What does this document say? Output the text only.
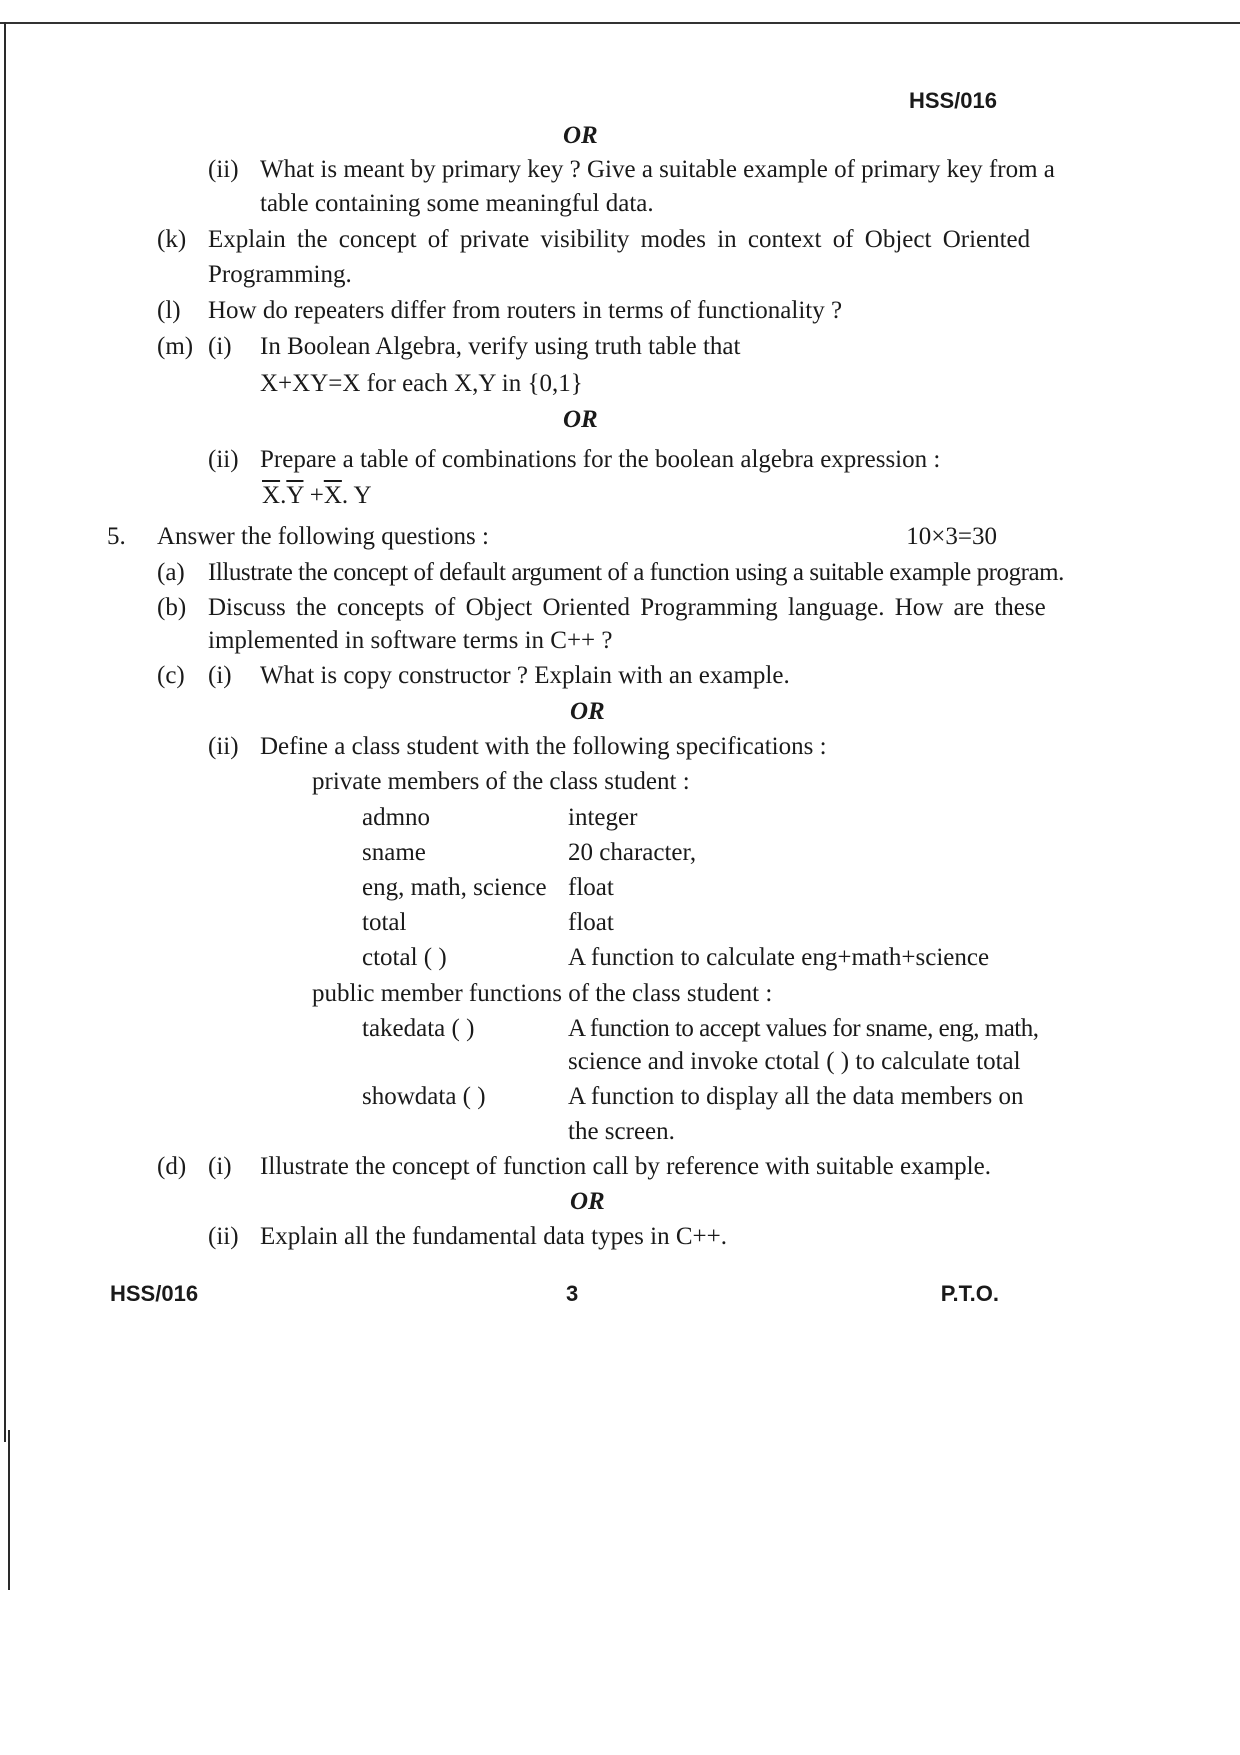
HSS/016
OR
(ii) What is meant by primary key ? Give a suitable example of primary key from a
table containing some meaningful data.
(k) Explain the concept of private visibility modes in context of Object Oriented
Programming.
(l) How do repeaters differ from routers in terms of functionality ?
(m) (i) In Boolean Algebra, verify using truth table that
X+XY=X for each X,Y in {0,1}
OR
(ii) Prepare a table of combinations for the boolean algebra expression :
$\overline{X}.\overline{Y} +\overline{X}$. Y
5. Answer the following questions :	10×3=30
(a) Illustrate the concept of default argument of a function using a suitable example program.
(b) Discuss the concepts of Object Oriented Programming language. How are these
implemented in software terms in C++ ?
(c) (i) What is copy constructor ? Explain with an example.
OR
(ii) Define a class student with the following specifications :
private members of the class student :
admno	integer
sname	20 character,
eng, math, science float
total	float
ctotal ( )	A function to calculate eng+math+science
public member functions of the class student :
takedata ( )	A function to accept values for sname, eng, math,
science and invoke ctotal ( ) to calculate total
showdata ( )	A function to display all the data members on
the screen.
(d) (i) Illustrate the concept of function call by reference with suitable example.
OR
(ii) Explain all the fundamental data types in C++.
HSS/016	3	P.T.O.
